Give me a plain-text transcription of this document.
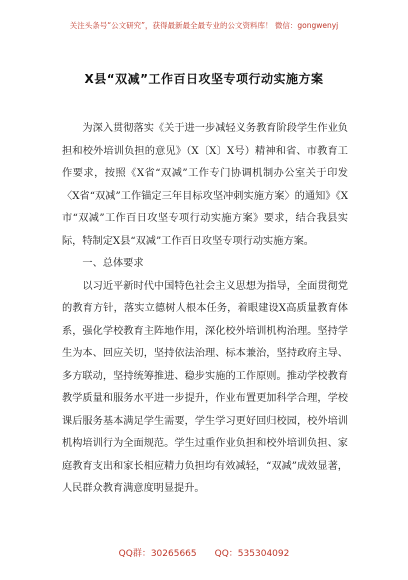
关注头条号“公文研究”，获得最新最全最专业的公文资料库！ 微信：gongwenyj
X县“双减”工作百日攻坚专项行动实施方案

为深入贯彻落实《关于进一步减轻义务教育阶段学生作业负担和校外培训负担的意见》（X〔X〕X号）精神和省、市教育工作要求，按照《X省“双减”工作专门协调机制办公室关于印发〈X省“双减”工作锚定三年目标攻坚冲刺实施方案〉的通知》《X市“双减”工作百日攻坚专项行动实施方案》要求，结合我县实际，特制定X县“双减”工作百日攻坚专项行动实施方案。

一、总体要求

以习近平新时代中国特色社会主义思想为指导，全面贯彻党的教育方针，落实立德树人根本任务，着眼建设X高质量教育体系，强化学校教育主阵地作用，深化校外培训机构治理。坚持学生为本、回应关切，坚持依法治理、标本兼治，坚持政府主导、多方联动，坚持统筹推进、稳步实施的工作原则。推动学校教育教学质量和服务水平进一步提升，作业布置更加科学合理，学校课后服务基本满足学生需要，学生学习更好回归校园，校外培训机构培训行为全面规范。学生过重作业负担和校外培训负担、家庭教育支出和家长相应精力负担均有效减轻，“双减”成效显著，人民群众教育满意度明显提升。

QQ群：30265665 QQ：535304092
